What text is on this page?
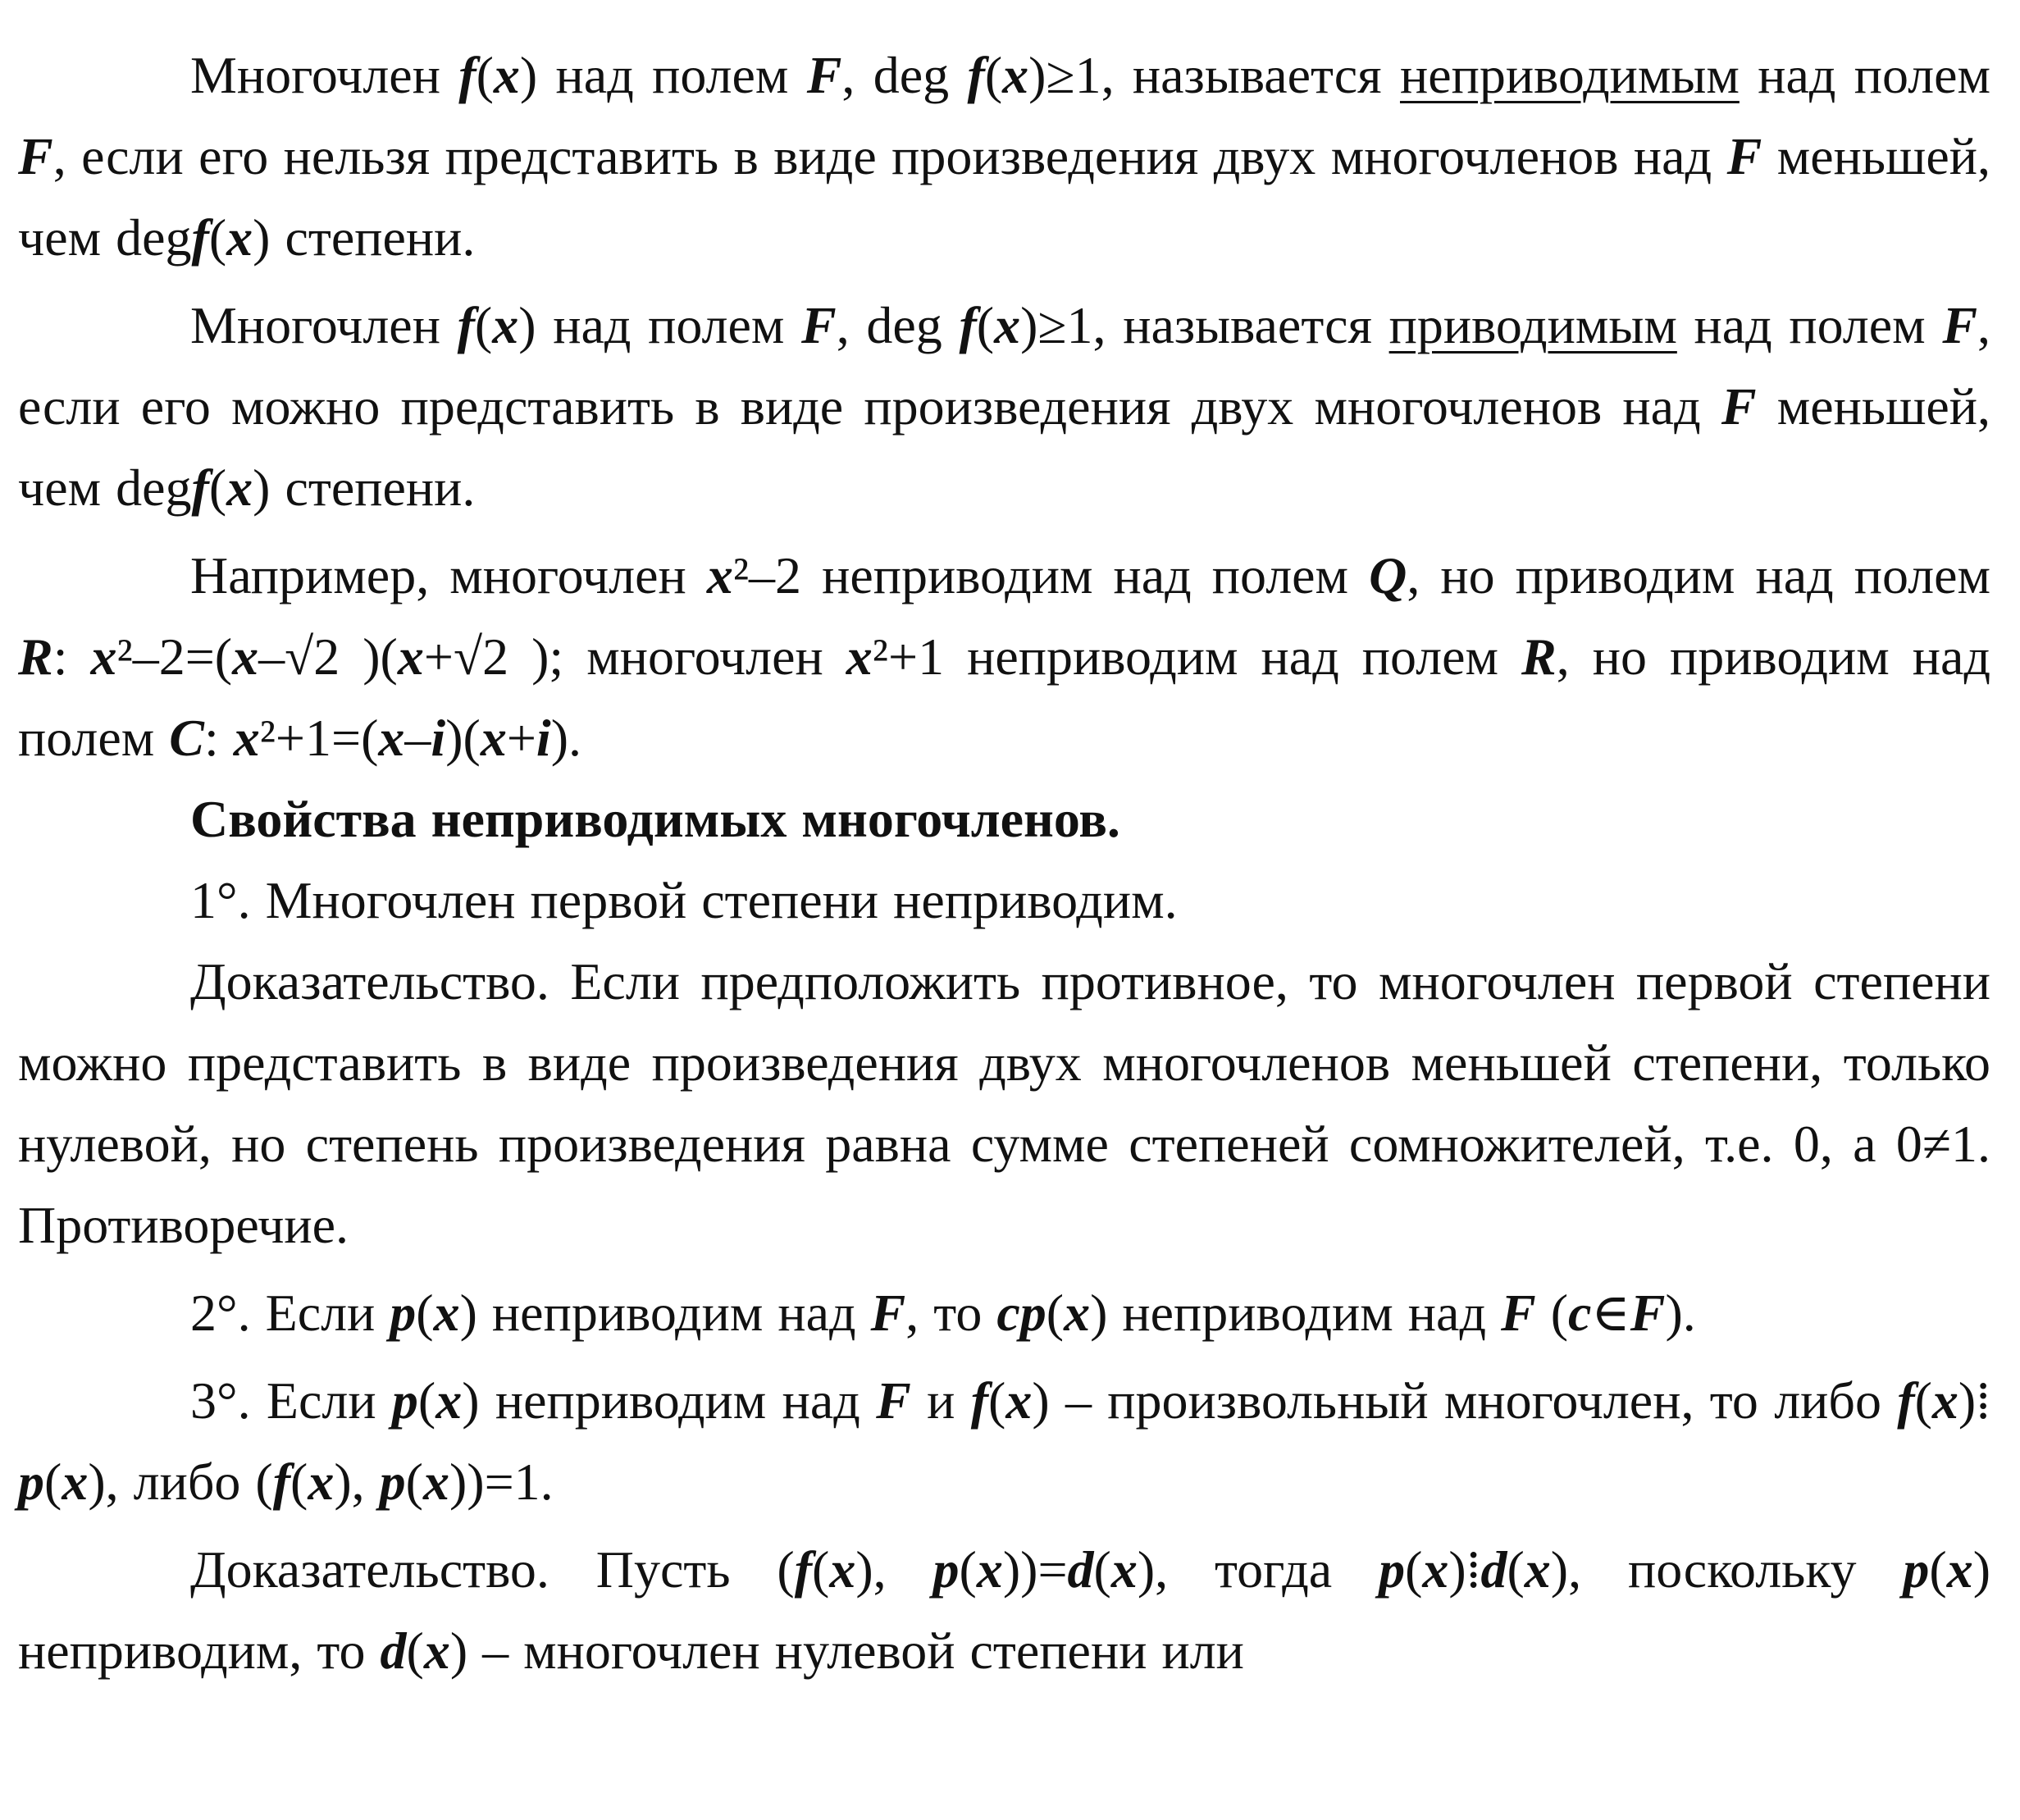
Многочлен f(x) над полем F, deg f(x)≥1, называется неприводимым над полем F, если его нельзя представить в виде произведения двух многочленов над F меньшей, чем degf(x) степени.

Многочлен f(x) над полем F, deg f(x)≥1, называется приводимым над полем F, если его можно представить в виде произведения двух многочленов над F меньшей, чем degf(x) степени.

Например, многочлен x²–2 неприводим над полем Q, но приводим над полем R: x²–2=(x–√2 )(x+√2 ); многочлен x²+1 неприводим над полем R, но приводим над полем C: x²+1=(x–i)(x+i).

Свойства неприводимых многочленов.

1°. Многочлен первой степени неприводим.

Доказательство. Если предположить противное, то многочлен первой степени можно представить в виде произведения двух многочленов меньшей степени, только нулевой, но степень произведения равна сумме степеней сомножителей, т.е. 0, а 0≠1. Противоречие.

2°. Если p(x) неприводим над F, то cp(x) неприводим над F (c∈F).

3°. Если p(x) неприводим над F и f(x) – произвольный многочлен, то либо f(x)⁞p(x), либо (f(x), p(x))=1.

Доказательство. Пусть (f(x), p(x))=d(x), тогда p(x)⁞d(x), поскольку p(x) неприводим, то d(x) – многочлен нулевой степени или
